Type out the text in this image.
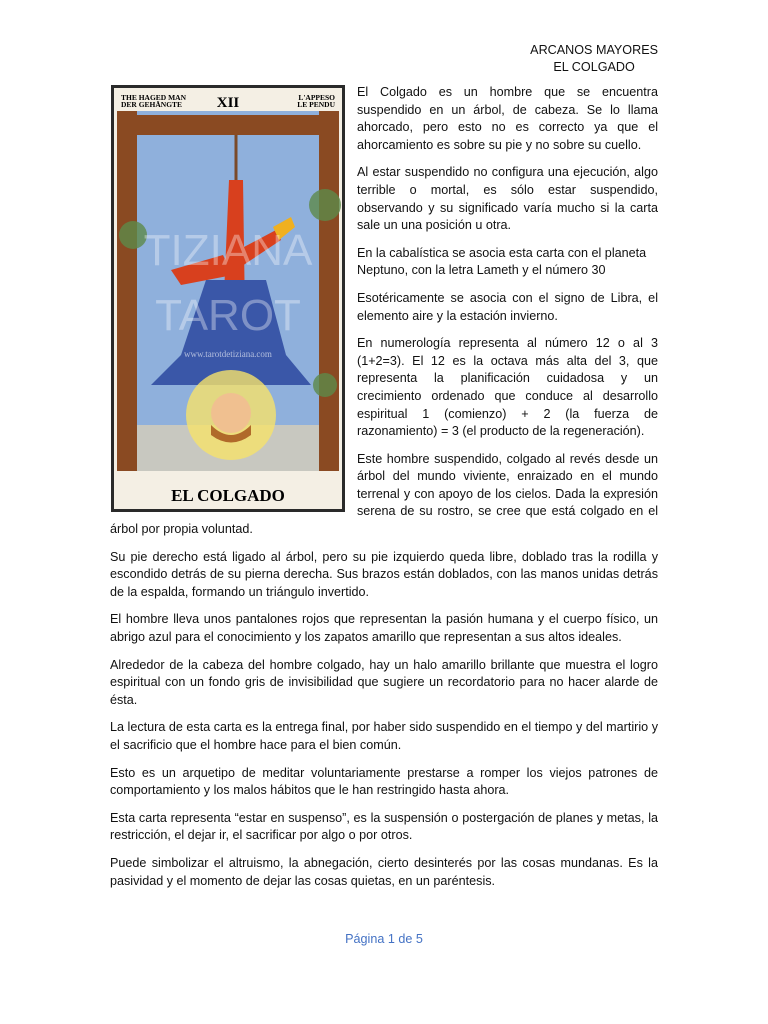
ARCANOS MAYORES
EL COLGADO
TIZIANA
TAROT
www.tarotdetiziana.com
THE HAGED MAN
DER GEHÄNGTE XII	L'APPESO
LE PENDU
EL COLGADO

El Colgado es un hombre que se encuentra suspendido en un árbol, de cabeza. Se lo llama ahorcado, pero esto no es correcto ya que el ahorcamiento es sobre su pie y no sobre su cuello.

Al estar suspendido no configura una ejecución, algo terrible o mortal, es sólo estar suspendido, observando y su significado varía mucho si la carta sale un una posición u otra.

En la cabalística se asocia esta carta con el planeta Neptuno, con la letra Lameth y el número 30

Esotéricamente se asocia con el signo de Libra, el elemento aire y la estación invierno.

En numerología representa al número 12 o al 3 (1+2=3). El 12 es la octava más alta del 3, que representa la planificación cuidadosa y un crecimiento ordenado que conduce al desarrollo espiritual 1 (comienzo) + 2 (la fuerza de razonamiento) = 3 (el producto de la regeneración).

Este hombre suspendido, colgado al revés desde un árbol del mundo viviente, enraizado en el mundo terrenal y con apoyo de los cielos. Dada la expresión serena de su rostro, se cree que está colgado en el

árbol por propia voluntad.

Su pie derecho está ligado al árbol, pero su pie izquierdo queda libre, doblado tras la rodilla y escondido detrás de su pierna derecha. Sus brazos están doblados, con las manos unidas detrás de la espalda, formando un triángulo invertido.

El hombre lleva unos pantalones rojos que representan la pasión humana y el cuerpo físico, un abrigo azul para el conocimiento y los zapatos amarillo que representan a sus altos ideales.

Alrededor de la cabeza del hombre colgado, hay un halo amarillo brillante que muestra el logro espiritual con un fondo gris de invisibilidad que sugiere un recordatorio para no hacer alarde de ésta.

La lectura de esta carta es la entrega final, por haber sido suspendido en el tiempo y del martirio y el sacrificio que el hombre hace para el bien común.

Esto es un arquetipo de meditar voluntariamente prestarse a romper los viejos patrones de comportamiento y los malos hábitos que le han restringido hasta ahora.

Esta carta representa “estar en suspenso”, es la suspensión o postergación de planes y metas, la restricción, el dejar ir, el sacrificar por algo o por otros.

Puede simbolizar el altruismo, la abnegación, cierto desinterés por las cosas mundanas. Es la pasividad y el momento de dejar las cosas quietas, en un paréntesis.

Página 1 de 5
